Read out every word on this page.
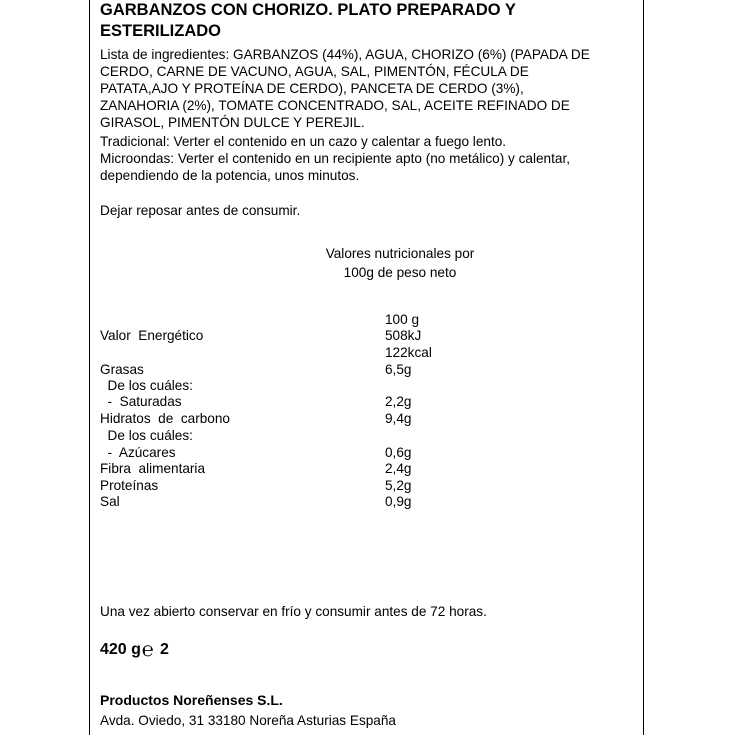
GARBANZOS CON CHORIZO. PLATO PREPARADO Y
ESTERILIZADO
Lista de ingredientes: GARBANZOS (44%), AGUA, CHORIZO (6%) (PAPADA DE
CERDO, CARNE DE VACUNO, AGUA, SAL, PIMENTÓN, FÉCULA DE
PATATA,AJO Y PROTEÍNA DE CERDO), PANCETA DE CERDO (3%),
ZANAHORIA (2%), TOMATE CONCENTRADO, SAL, ACEITE REFINADO DE
GIRASOL, PIMENTÓN DULCE Y PEREJIL.
Tradicional: Verter el contenido en un cazo y calentar a fuego lento.
Microondas: Verter el contenido en un recipiente apto (no metálico) y calentar,
dependiendo de la potencia, unos minutos.
Dejar reposar antes de consumir.
Valores nutricionales por
100g de peso neto
100 g
Valor  Energético	508kJ
122kcal
Grasas	6,5g
De los cuáles:
-  Saturadas	2,2g
Hidratos  de  carbono	9,4g
De los cuáles:
-  Azúcares	0,6g
Fibra  alimentaria	2,4g
Proteínas	5,2g
Sal	0,9g
Una vez abierto conservar en frío y consumir antes de 72 horas.
420 g ℮ 2
Productos Noreñenses S.L.
Avda. Oviedo, 31 33180 Noreña Asturias España
